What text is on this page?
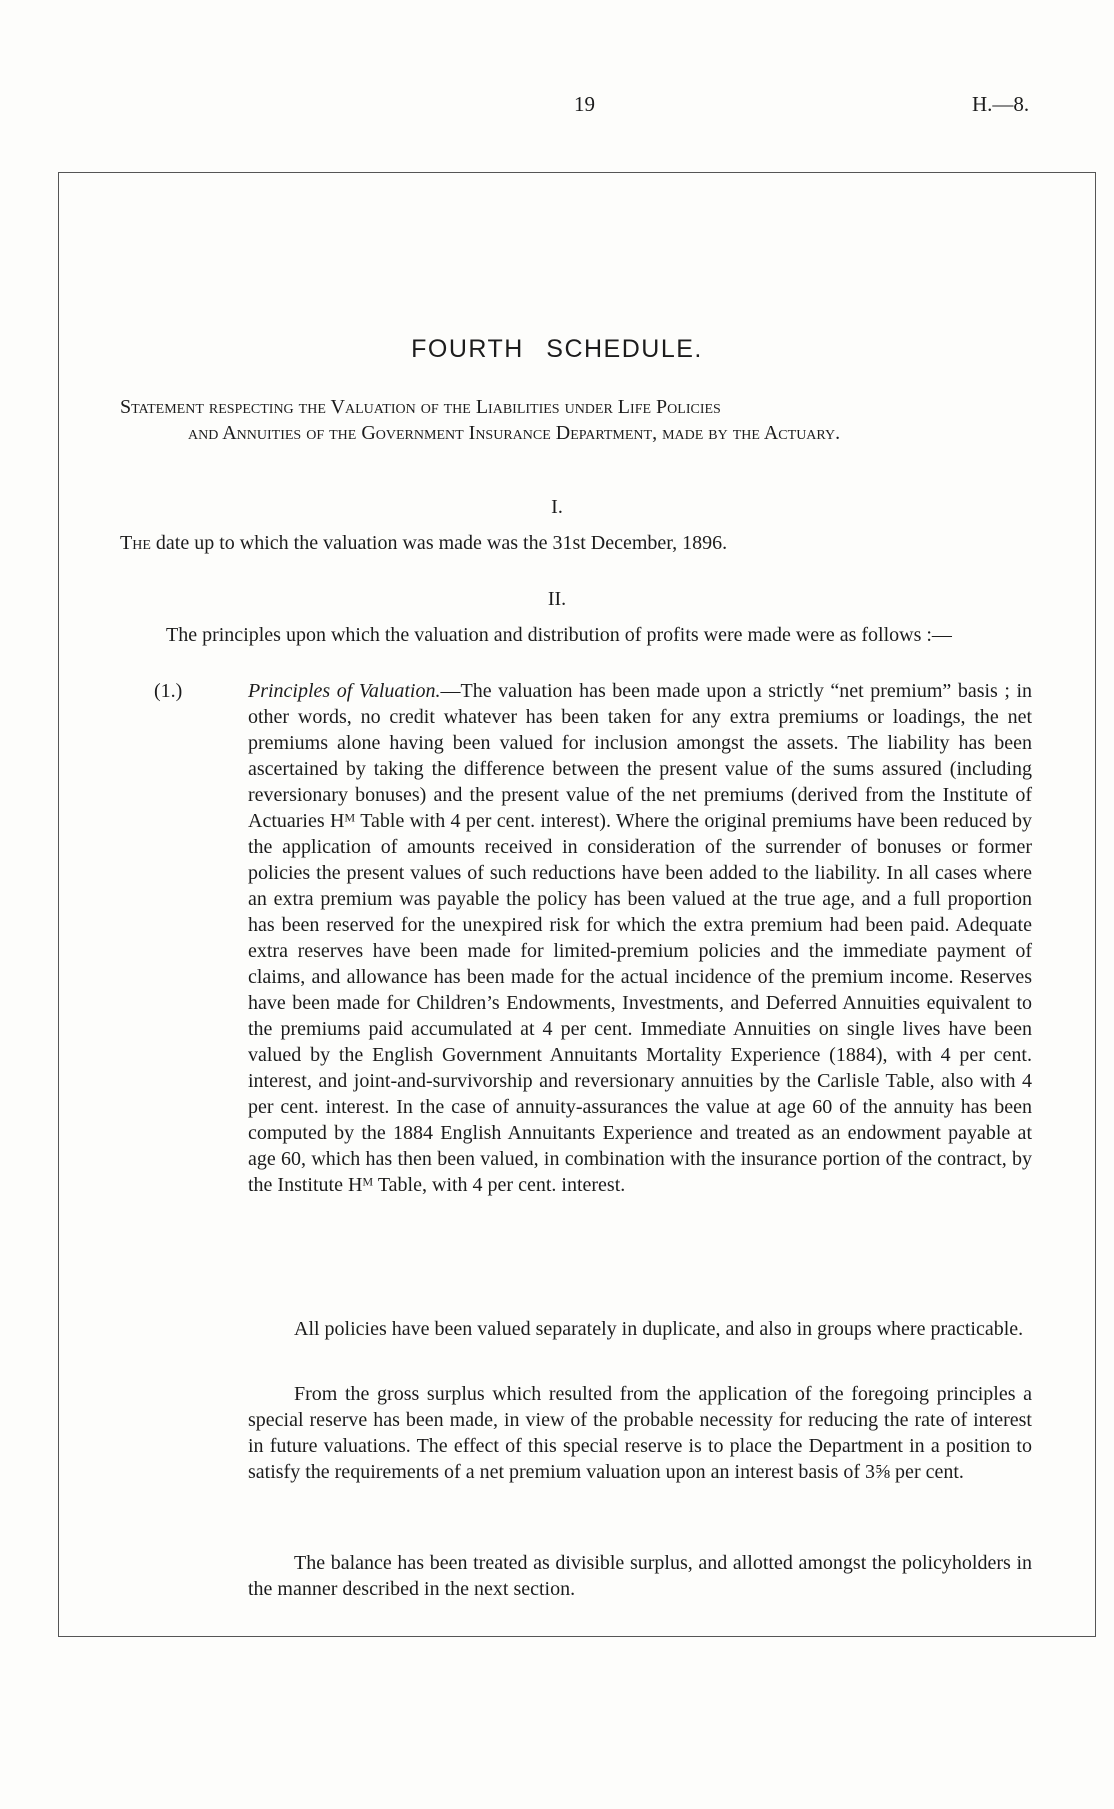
19	H.—8.
FOURTH SCHEDULE.
Statement respecting the Valuation of the Liabilities under Life Policies
and Annuities of the Government Insurance Department, made by the Actuary.
I.
The date up to which the valuation was made was the 31st December, 1896.
II.
The principles upon which the valuation and distribution of profits were made were as follows :—
(1.)	Principles of Valuation.—The valuation has been made upon a strictly “net premium” basis ; in other words, no credit whatever has been taken for any extra premiums or loadings, the net premiums alone having been valued for inclusion amongst the assets. The liability has been ascertained by taking the difference between the present value of the sums assured (including reversionary bonuses) and the present value of the net premiums (derived from the Institute of Actuaries Hᴹ Table with 4 per cent. interest). Where the original premiums have been reduced by the application of amounts received in consideration of the surrender of bonuses or former policies the present values of such reductions have been added to the liability. In all cases where an extra premium was payable the policy has been valued at the true age, and a full proportion has been reserved for the unexpired risk for which the extra premium had been paid. Adequate extra reserves have been made for limited-premium policies and the immediate payment of claims, and allowance has been made for the actual incidence of the premium income. Reserves have been made for Children’s Endowments, Investments, and Deferred Annuities equivalent to the premiums paid accumulated at 4 per cent. Immediate Annuities on single lives have been valued by the English Government Annuitants Mortality Experience (1884), with 4 per cent. interest, and joint-and-survivorship and reversionary annuities by the Carlisle Table, also with 4 per cent. interest. In the case of annuity-assurances the value at age 60 of the annuity has been computed by the 1884 English Annuitants Experience and treated as an endowment payable at age 60, which has then been valued, in combination with the insurance portion of the contract, by the Institute Hᴹ Table, with 4 per cent. interest.
All policies have been valued separately in duplicate, and also in groups where practicable.
From the gross surplus which resulted from the application of the foregoing principles a special reserve has been made, in view of the probable necessity for reducing the rate of interest in future valuations. The effect of this special reserve is to place the Department in a position to satisfy the requirements of a net premium valuation upon an interest basis of 3⅝ per cent.
The balance has been treated as divisible surplus, and allotted amongst the policyholders in the manner described in the next section.
